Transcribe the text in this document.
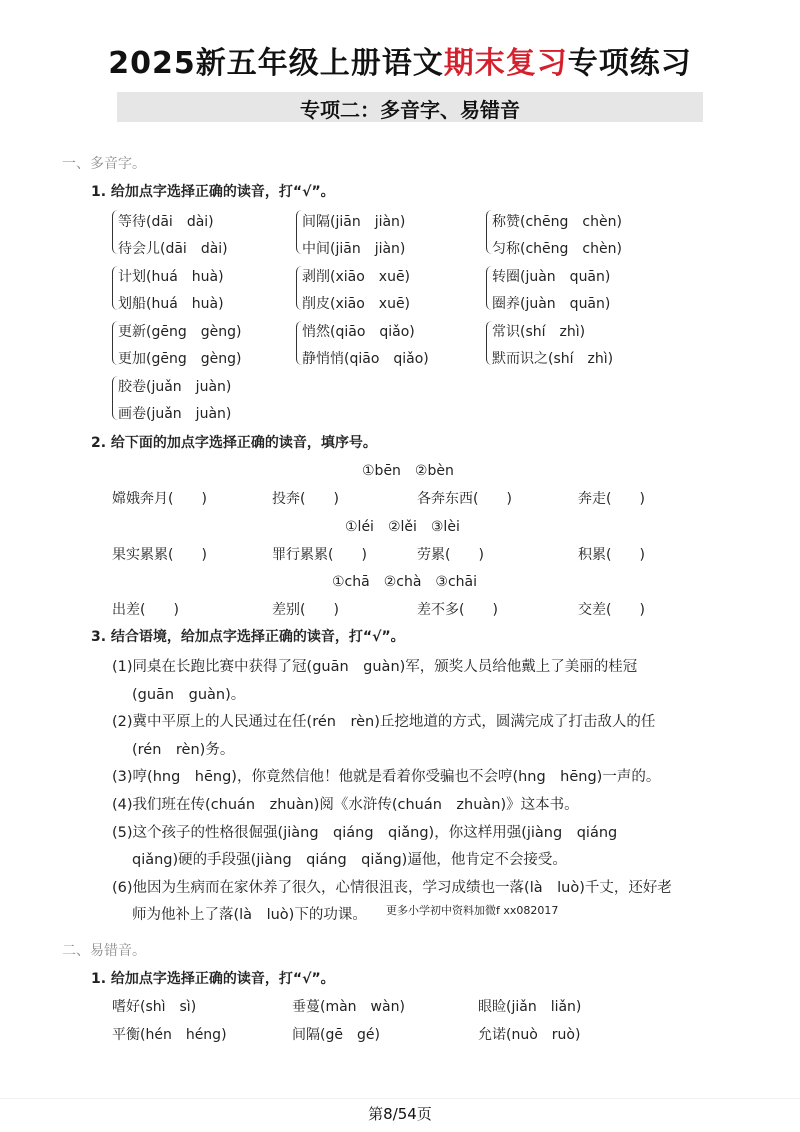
2025新五年级上册语文期末复习专项练习
专项二：多音字、易错音
一、多音字。
1. 给加点字选择正确的读音，打“√”。
等待(dāi　dài)
待会儿(dāi　dài)
间隔(jiān　jiàn)
中间(jiān　jiàn)
称赞(chēng　chèn)
匀称(chēng　chèn)
计划(huá　huà)
划船(huá　huà)
剥削(xiāo　xuē)
削皮(xiāo　xuē)
转圈(juàn　quān)
圈养(juàn　quān)
更新(gēng　gèng)
更加(gēng　gèng)
悄然(qiāo　qiǎo)
静悄悄(qiāo　qiǎo)
常识(shí　zhì)
默而识之(shí　zhì)
胶卷(juǎn　juàn)
画卷(juǎn　juàn)
2. 给下面的加点字选择正确的读音，填序号。
①bēn　②bèn
嫦娥奔月(　　)	投奔(　　)	各奔东西(　　)	奔走(　　)
①léi　②lěi　③lèi
果实累累(　　)	罪行累累(　　)	劳累(　　)	积累(　　)
①chā　②chà　③chāi
出差(　　)	差别(　　)	差不多(　　)	交差(　　)
3. 结合语境，给加点字选择正确的读音，打“√”。
(1)同桌在长跑比赛中获得了冠(guān　guàn)军，颁奖人员给他戴上了美丽的桂冠
(guān　guàn)。
(2)冀中平原上的人民通过在任(rén　rèn)丘挖地道的方式，圆满完成了打击敌人的任
(rén　rèn)务。
(3)哼(hng　hēng)，你竟然信他！他就是看着你受骗也不会哼(hng　hēng)一声的。
(4)我们班在传(chuán　zhuàn)阅《水浒传(chuán　zhuàn)》这本书。
(5)这个孩子的性格很倔强(jiàng　qiáng　qiǎng)，你这样用强(jiàng　qiáng
qiǎng)硬的手段强(jiàng　qiáng　qiǎng)逼他，他肯定不会接受。
(6)他因为生病而在家休养了很久，心情很沮丧，学习成绩也一落(là　luò)千丈，还好老
师为他补上了落(là　luò)下的功课。 更多小学初中资料加微f xx082017
二、易错音。
1. 给加点字选择正确的读音，打“√”。
嗜好(shì　sì)	垂蔓(màn　wàn)	眼睑(jiǎn　liǎn)
平衡(hén　héng)	间隔(gē　gé)	允诺(nuò　ruò)
第8/54页
